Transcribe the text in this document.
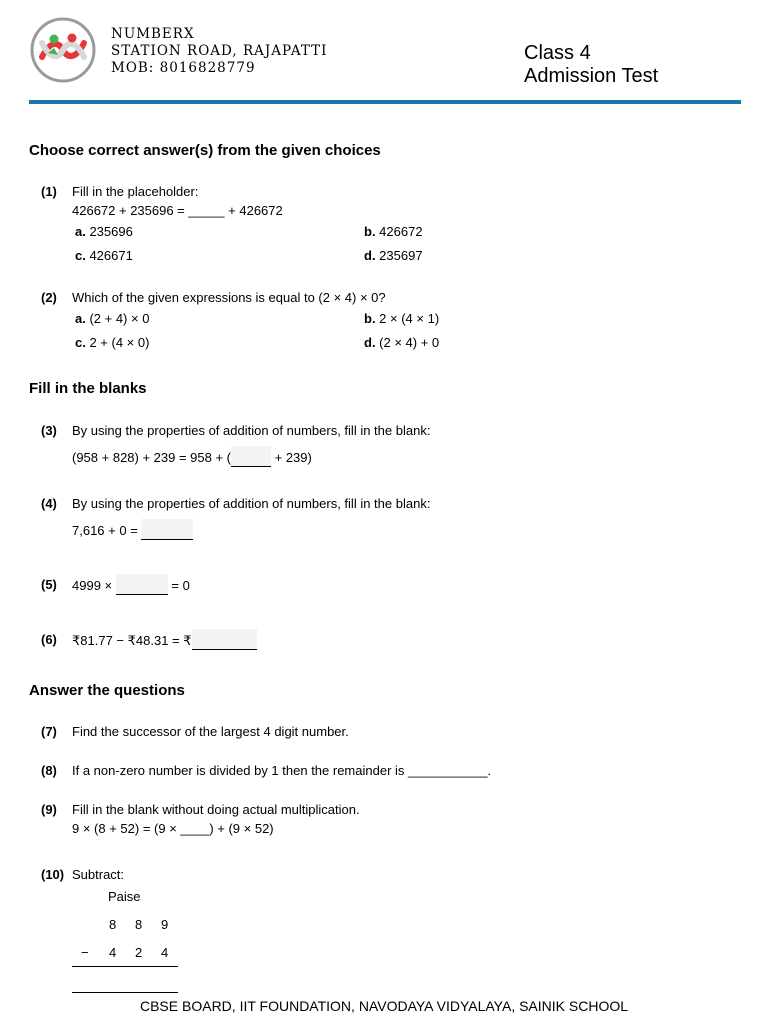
NUMBERX
STATION ROAD, RAJAPATTI
MOB: 8016828779
Class 4
Admission Test
Choose correct answer(s) from the given choices
(1) Fill in the placeholder:
426672 + 235696 = _____ + 426672
a. 235696	b. 426672
c. 426671	d. 235697
(2) Which of the given expressions is equal to (2 × 4) × 0?
a. (2 + 4) × 0	b. 2 × (4 × 1)
c. 2 + (4 × 0)	d. (2 × 4) + 0
Fill in the blanks
(3) By using the properties of addition of numbers, fill in the blank:
(958 + 828) + 239 = 958 + (	+ 239)
(4) By using the properties of addition of numbers, fill in the blank:
7,616 + 0 =
(5) 4999 ×	= 0
(6) ₹81.77 − ₹48.31 = ₹
Answer the questions
(7) Find the successor of the largest 4 digit number.
(8) If a non-zero number is divided by 1 then the remainder is ___________.
(9) Fill in the blank without doing actual multiplication.
9 × (8 + 52) = (9 × ____) + (9 × 52)
(10) Subtract:
Paise
8 8 9
− 4 2 4
CBSE BOARD, IIT FOUNDATION, NAVODAYA VIDYALAYA, SAINIK SCHOOL
